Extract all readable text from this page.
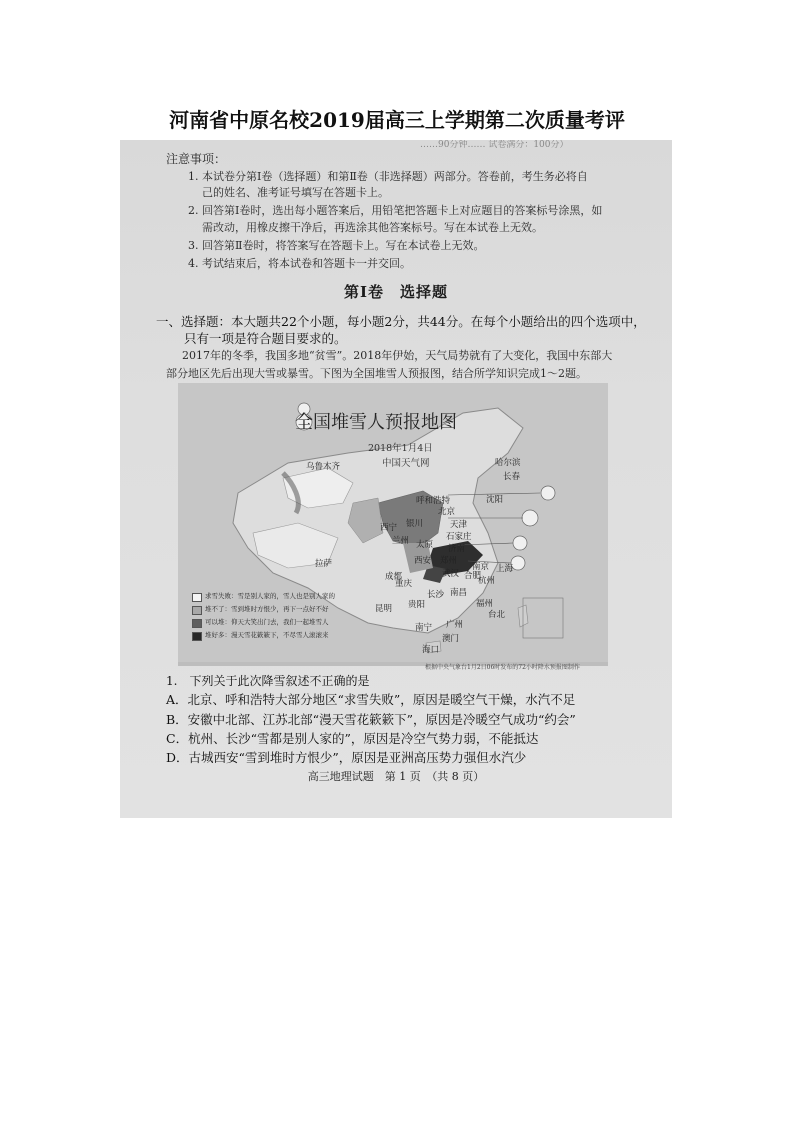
河南省中原名校2019届高三上学期第二次质量考评
……90分钟…… 试卷满分：100分）
注意事项：
1. 本试卷分第Ⅰ卷（选择题）和第Ⅱ卷（非选择题）两部分。答卷前，考生务必将自
己的姓名、准考证号填写在答题卡上。
2. 回答第Ⅰ卷时，选出每小题答案后，用铅笔把答题卡上对应题目的答案标号涂黑，如
需改动，用橡皮擦干净后，再选涂其他答案标号。写在本试卷上无效。
3. 回答第Ⅱ卷时，将答案写在答题卡上。写在本试卷上无效。
4. 考试结束后，将本试卷和答题卡一并交回。
第Ⅰ卷　选择题
一、选择题：本大题共22个小题，每小题2分，共44分。在每个小题给出的四个选项中，
只有一项是符合题目要求的。
2017年的冬季，我国多地“贫雪”。2018年伊始，天气局势就有了大变化，我国中东部大
部分地区先后出现大雪或暴雪。下图为全国堆雪人预报图，结合所学知识完成1～2题。
全国堆雪人预报地图
2018年1月4日
中国天气网
乌鲁木齐	哈尔滨
长春
呼和浩特
北京
沈阳
天津
石家庄
太原 济南
西宁 银川
兰州
郑州
西安
拉萨
成都
南京
合肥
上海
武汉
杭州
重庆
长沙 南昌
福州
贵阳
昆明
台北
南宁 广州
澳门
海口
求雪失败：雪是别人家的，雪人也是别人家的
堆不了：雪到堆时方恨少，再下一点好不好
可以堆：仰天大笑出门去，我们一起堆雪人
堆好多：漫天雪花簌簌下，不尽雪人滚滚来
根据中央气象台1月2日06时发布的72小时降水预报图制作
1.　下列关于此次降雪叙述不正确的是
A．北京、呼和浩特大部分地区“求雪失败”，原因是暖空气干燥，水汽不足
B．安徽中北部、江苏北部“漫天雪花簌簌下”，原因是冷暖空气成功“约会”
C．杭州、长沙“雪都是别人家的”，原因是冷空气势力弱，不能抵达
D．古城西安“雪到堆时方恨少”，原因是亚洲高压势力强但水汽少
高三地理试题　第 1 页　（共 8 页）
